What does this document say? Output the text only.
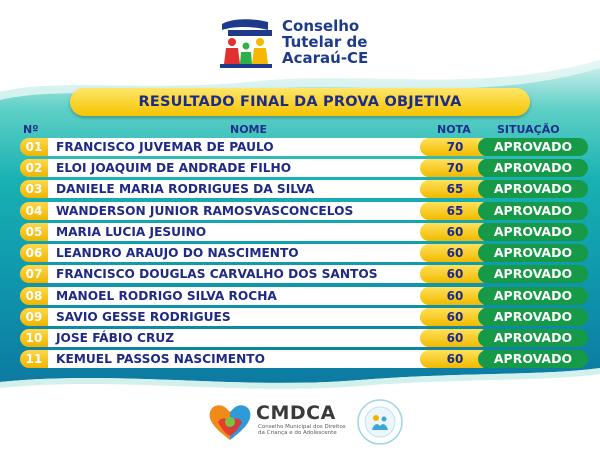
Conselho
Tutelar de
Acaraú-CE
RESULTADO FINAL DA PROVA OBJETIVA
Nº	NOME	NOTA SITUAÇÃO
01	FRANCISCO JUVEMAR DE PAULO	70	APROVADO
02	ELOI JOAQUIM DE ANDRADE FILHO	70	APROVADO
03	DANIELE MARIA RODRIGUES DA SILVA	65	APROVADO
04	WANDERSON JUNIOR RAMOSVASCONCELOS	65	APROVADO
05	MARIA LUCIA JESUINO	60	APROVADO
06	LEANDRO ARAUJO DO NASCIMENTO	60	APROVADO
07	FRANCISCO DOUGLAS CARVALHO DOS SANTOS	60	APROVADO
08	MANOEL RODRIGO SILVA ROCHA	60	APROVADO
09	SAVIO GESSE RODRIGUES	60	APROVADO
10	JOSE FÁBIO CRUZ	60	APROVADO
11	KEMUEL PASSOS NASCIMENTO	60	APROVADO
CMDCA
Conselho Municipal dos Direitos da Criança e do Adolescente
